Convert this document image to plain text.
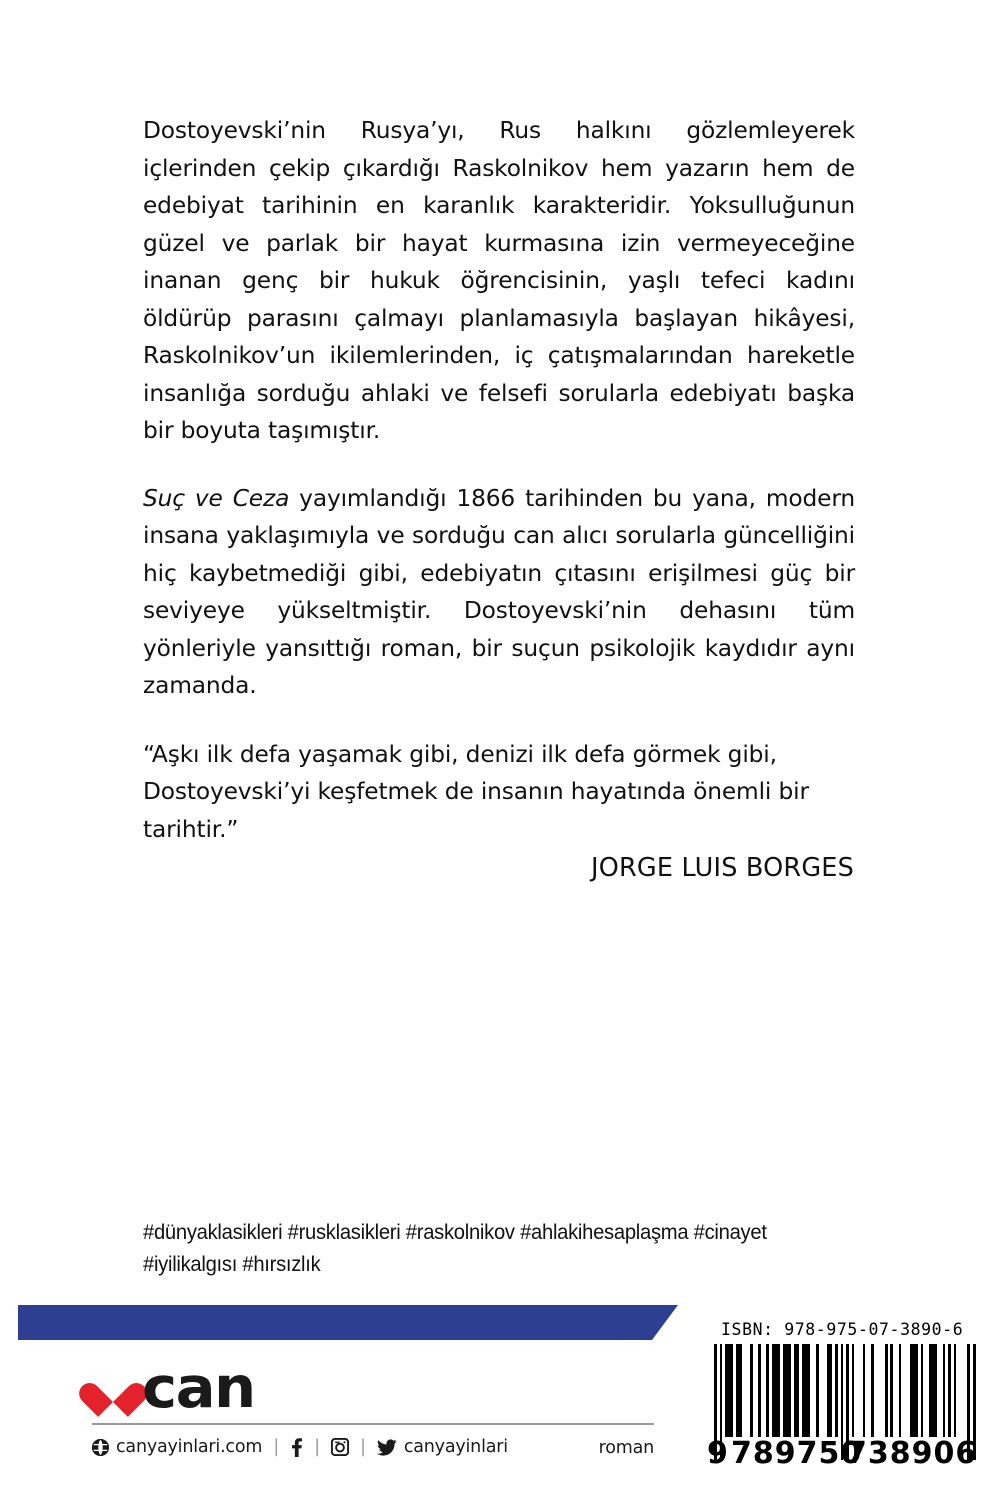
Dostoyevski’nin Rusya’yı, Rus halkını gözlemleyerek içlerinden çekip çıkardığı Raskolnikov hem yazarın hem de edebiyat tarihinin en karanlık karakteridir. Yoksulluğunun güzel ve parlak bir hayat kurmasına izin vermeyeceğine inanan genç bir hukuk öğrencisinin, yaşlı tefeci kadını öldürüp parasını çalmayı planlamasıyla başlayan hikâyesi, Raskolnikov’un ikilemlerinden, iç çatışmalarından hareketle insanlığa sorduğu ahlaki ve felsefi sorularla edebiyatı başka bir boyuta taşımıştır.

Suç ve Ceza yayımlandığı 1866 tarihinden bu yana, modern insana yaklaşımıyla ve sorduğu can alıcı sorularla güncelliğini hiç kaybetmediği gibi, edebiyatın çıtasını erişilmesi güç bir seviyeye yükseltmiştir. Dostoyevski’nin dehasını tüm yönleriyle yansıttığı roman, bir suçun psikolojik kaydıdır aynı zamanda.

“Aşkı ilk defa yaşamak gibi, denizi ilk defa görmek gibi, Dostoyevski’yi keşfetmek de insanın hayatında önemli bir tarihtir.”

JORGE LUIS BORGES

#dünyaklasikleri #rusklasikleri #raskolnikov #ahlakihesaplaşma #cinayet
#iyilikalgısı #hırsızlık
Kapak resmi: Nikolay Bogdanov-Belsky
can
canyayinlari.com | | | canyayinlari	roman
ISBN: 978-975-07-3890-6
9 789750
738906
